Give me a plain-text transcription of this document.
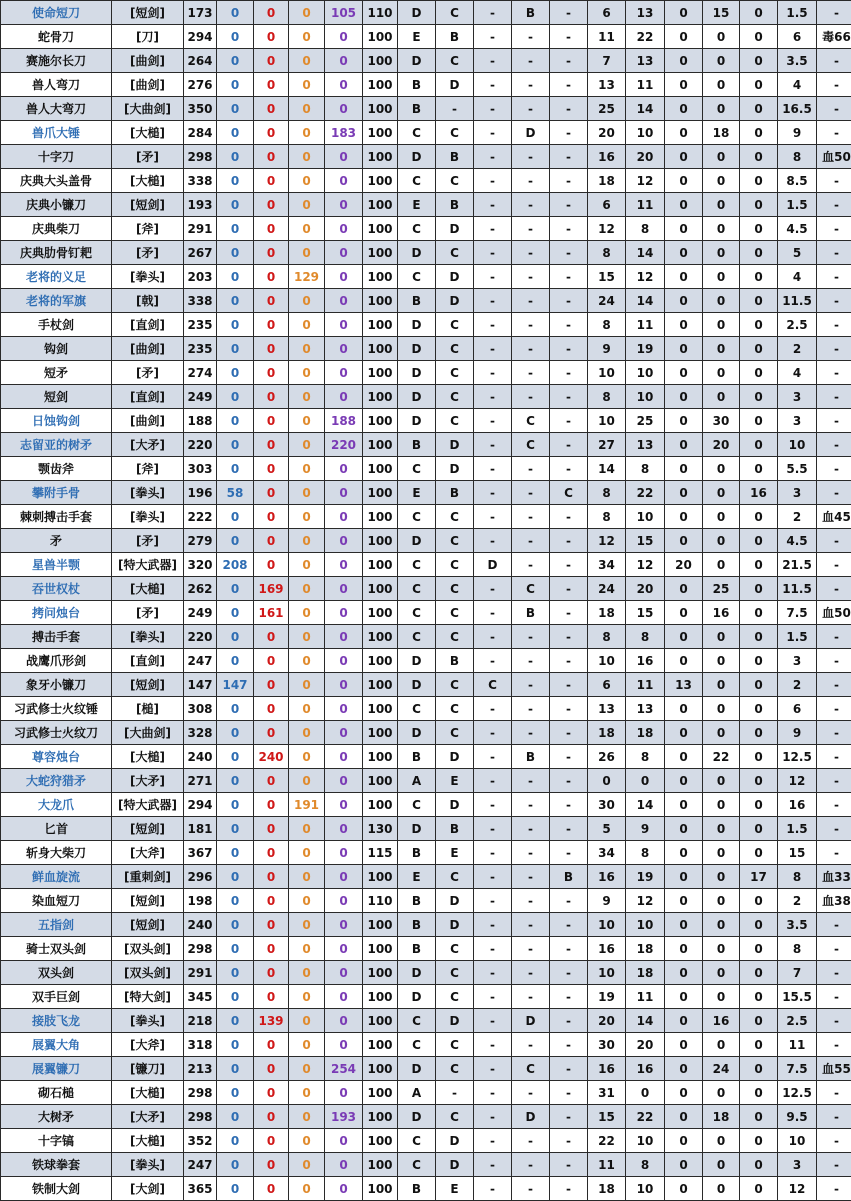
使命短刀	[短剑]	173	0	0	0	105	110	D	C	-	B	-	6	13	0	15	0	1.5	-
蛇骨刀	[刀]	294	0	0	0	0	100	E	B	-	-	-	11	22	0	0	0	6	毒66
赛施尔长刀	[曲剑]	264	0	0	0	0	100	D	C	-	-	-	7	13	0	0	0	3.5	-
兽人弯刀	[曲剑]	276	0	0	0	0	100	B	D	-	-	-	13	11	0	0	0	4	-
兽人大弯刀	[大曲剑]	350	0	0	0	0	100	B	-	-	-	-	25	14	0	0	0	16.5	-
兽爪大锤	[大槌]	284	0	0	0	183	100	C	C	-	D	-	20	10	0	18	0	9	-
十字刀	[矛]	298	0	0	0	0	100	D	B	-	-	-	16	20	0	0	0	8	血50
庆典大头盖骨	[大槌]	338	0	0	0	0	100	C	C	-	-	-	18	12	0	0	0	8.5	-
庆典小镰刀	[短剑]	193	0	0	0	0	100	E	B	-	-	-	6	11	0	0	0	1.5	-
庆典柴刀	[斧]	291	0	0	0	0	100	C	D	-	-	-	12	8	0	0	0	4.5	-
庆典肋骨钉耙	[矛]	267	0	0	0	0	100	D	C	-	-	-	8	14	0	0	0	5	-
老将的义足	[拳头]	203	0	0	129	0	100	C	D	-	-	-	15	12	0	0	0	4	-
老将的军旗	[戟]	338	0	0	0	0	100	B	D	-	-	-	24	14	0	0	0	11.5	-
手杖剑	[直剑]	235	0	0	0	0	100	D	C	-	-	-	8	11	0	0	0	2.5	-
钩剑	[曲剑]	235	0	0	0	0	100	D	C	-	-	-	9	19	0	0	0	2	-
短矛	[矛]	274	0	0	0	0	100	D	C	-	-	-	10	10	0	0	0	4	-
短剑	[直剑]	249	0	0	0	0	100	D	C	-	-	-	8	10	0	0	0	3	-
日蚀钩剑	[曲剑]	188	0	0	0	188	100	D	C	-	C	-	10	25	0	30	0	3	-
志留亚的树矛	[大矛]	220	0	0	0	220	100	B	D	-	C	-	27	13	0	20	0	10	-
颚齿斧	[斧]	303	0	0	0	0	100	C	D	-	-	-	14	8	0	0	0	5.5	-
攀附手骨	[拳头]	196	58	0	0	0	100	E	B	-	-	C	8	22	0	0	16	3	-
棘刺搏击手套	[拳头]	222	0	0	0	0	100	C	C	-	-	-	8	10	0	0	0	2	血45
矛	[矛]	279	0	0	0	0	100	D	C	-	-	-	12	15	0	0	0	4.5	-
星兽半颚	[特大武器]	320	208	0	0	0	100	C	C	D	-	-	34	12	20	0	0	21.5	-
吞世权杖	[大槌]	262	0	169	0	0	100	C	C	-	C	-	24	20	0	25	0	11.5	-
拷问烛台	[矛]	249	0	161	0	0	100	C	C	-	B	-	18	15	0	16	0	7.5	血50
搏击手套	[拳头]	220	0	0	0	0	100	C	C	-	-	-	8	8	0	0	0	1.5	-
战鹰爪形剑	[直剑]	247	0	0	0	0	100	D	B	-	-	-	10	16	0	0	0	3	-
象牙小镰刀	[短剑]	147	147	0	0	0	100	D	C	C	-	-	6	11	13	0	0	2	-
习武修士火纹锤	[槌]	308	0	0	0	0	100	C	C	-	-	-	13	13	0	0	0	6	-
习武修士火纹刀	[大曲剑]	328	0	0	0	0	100	D	C	-	-	-	18	18	0	0	0	9	-
尊容烛台	[大槌]	240	0	240	0	0	100	B	D	-	B	-	26	8	0	22	0	12.5	-
大蛇狩猎矛	[大矛]	271	0	0	0	0	100	A	E	-	-	-	0	0	0	0	0	12	-
大龙爪	[特大武器]	294	0	0	191	0	100	C	D	-	-	-	30	14	0	0	0	16	-
匕首	[短剑]	181	0	0	0	0	130	D	B	-	-	-	5	9	0	0	0	1.5	-
斩身大柴刀	[大斧]	367	0	0	0	0	115	B	E	-	-	-	34	8	0	0	0	15	-
鲜血旋流	[重刺剑]	296	0	0	0	0	100	E	C	-	-	B	16	19	0	0	17	8	血33
染血短刀	[短剑]	198	0	0	0	0	110	B	D	-	-	-	9	12	0	0	0	2	血38
五指剑	[短剑]	240	0	0	0	0	100	B	D	-	-	-	10	10	0	0	0	3.5	-
骑士双头剑	[双头剑]	298	0	0	0	0	100	B	C	-	-	-	16	18	0	0	0	8	-
双头剑	[双头剑]	291	0	0	0	0	100	D	C	-	-	-	10	18	0	0	0	7	-
双手巨剑	[特大剑]	345	0	0	0	0	100	D	C	-	-	-	19	11	0	0	0	15.5	-
接肢飞龙	[拳头]	218	0	139	0	0	100	C	D	-	D	-	20	14	0	16	0	2.5	-
展翼大角	[大斧]	318	0	0	0	0	100	C	C	-	-	-	30	20	0	0	0	11	-
展翼镰刀	[镰刀]	213	0	0	0	254	100	D	C	-	C	-	16	16	0	24	0	7.5	血55
砌石槌	[大槌]	298	0	0	0	0	100	A	-	-	-	-	31	0	0	0	0	12.5	-
大树矛	[大矛]	298	0	0	0	193	100	D	C	-	D	-	15	22	0	18	0	9.5	-
十字镐	[大槌]	352	0	0	0	0	100	C	D	-	-	-	22	10	0	0	0	10	-
铁球拳套	[拳头]	247	0	0	0	0	100	C	D	-	-	-	11	8	0	0	0	3	-
铁制大剑	[大剑]	365	0	0	0	0	100	B	E	-	-	-	18	10	0	0	0	12	-
